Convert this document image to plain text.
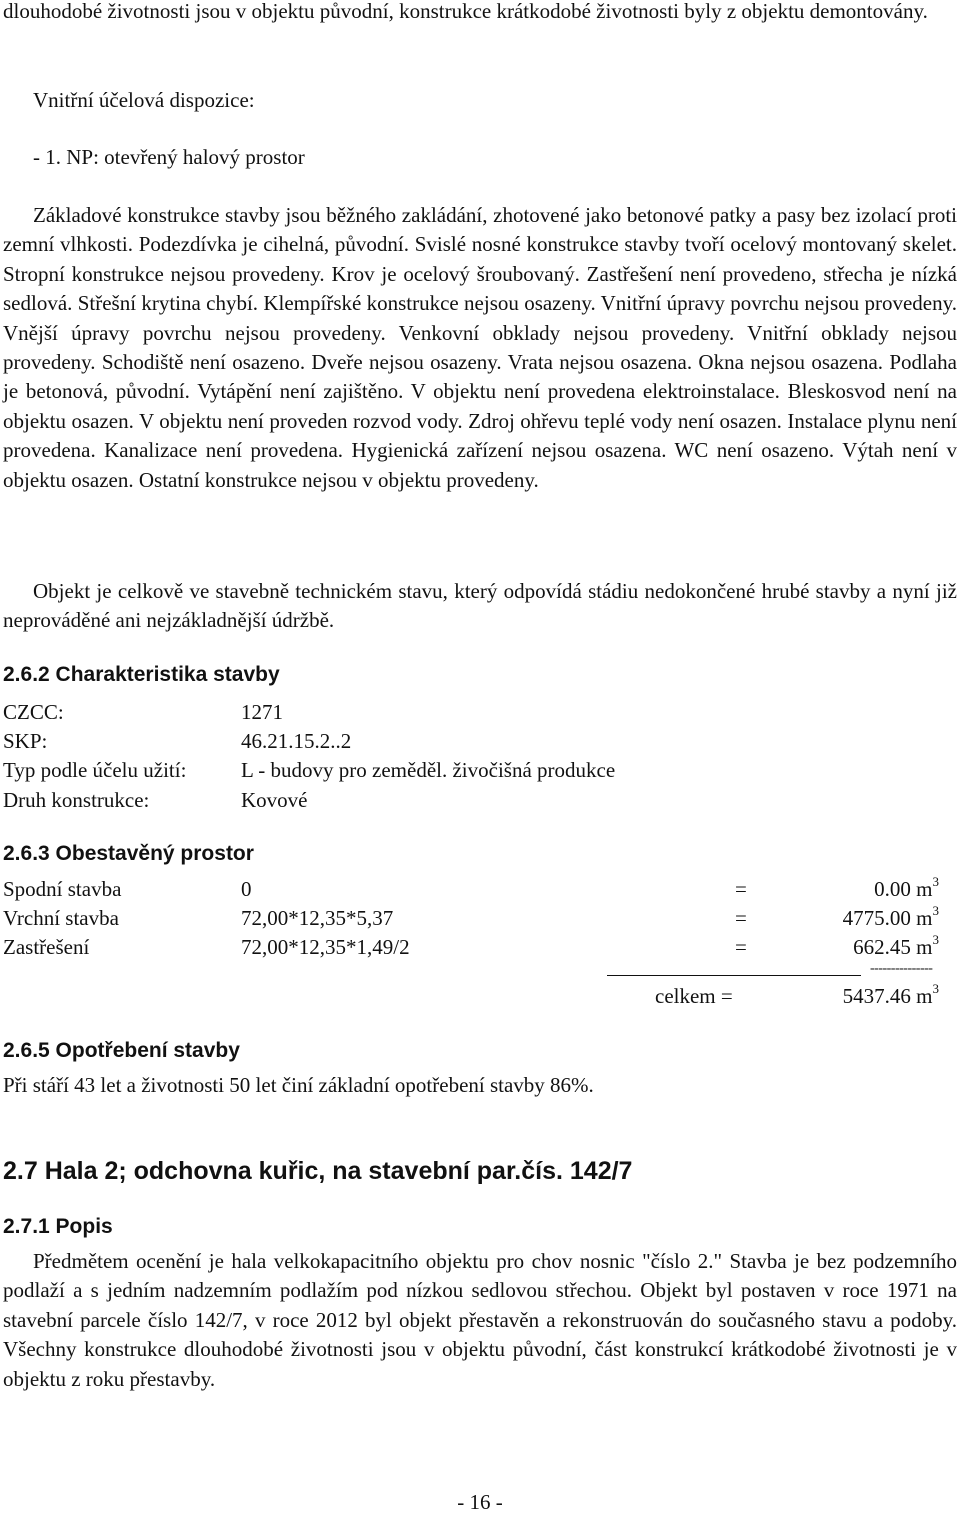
dlouhodobé životnosti jsou v objektu původní, konstrukce krátkodobé životnosti byly z objektu demontovány.

Vnitřní účelová dispozice:

- 1. NP: otevřený halový prostor

Základové konstrukce stavby jsou běžného zakládání, zhotovené jako betonové patky a pasy bez izolací proti zemní vlhkosti. Podezdívka je cihelná, původní. Svislé nosné konstrukce stavby tvoří ocelový montovaný skelet. Stropní konstrukce nejsou provedeny. Krov je ocelový šroubovaný. Zastřešení není provedeno, střecha je nízká sedlová. Střešní krytina chybí. Klempířské konstrukce nejsou osazeny. Vnitřní úpravy povrchu nejsou provedeny. Vnější úpravy povrchu nejsou provedeny. Venkovní obklady nejsou provedeny. Vnitřní obklady nejsou provedeny. Schodiště není osazeno. Dveře nejsou osazeny. Vrata nejsou osazena. Okna nejsou osazena. Podlaha je betonová, původní. Vytápění není zajištěno. V objektu není provedena elektroinstalace. Bleskosvod není na objektu osazen. V objektu není proveden rozvod vody. Zdroj ohřevu teplé vody není osazen. Instalace plynu není provedena. Kanalizace není provedena. Hygienická zařízení nejsou osazena. WC není osazeno. Výtah není v objektu osazen. Ostatní konstrukce nejsou v objektu provedeny.

Objekt je celkově ve stavebně technickém stavu, který odpovídá stádiu nedokončené hrubé stavby a nyní již neprováděné ani nejzákladnější údržbě.

2.6.2 Charakteristika stavby
CZCC:	1271
SKP:	46.21.15.2..2
Typ podle účelu užití:	L - budovy pro zeměděl. živočišná produkce
Druh konstrukce:	Kovové
2.6.3 Obestavěný prostor
Spodní stavba	0	=	0.00 $m^3$
Vrchní stavba	72,00*12,35*5,37	=	4775.00 $m^3$
Zastřešení	72,00*12,35*1,49/2	=	662.45 $m^3$
---------------
celkem =	5437.46 $m^3$
2.6.5 Opotřebení stavby

Při stáří 43 let a životnosti 50 let činí základní opotřebení stavby 86%.

2.7 Hala 2; odchovna kuřic, na stavební par.čís. 142/7
2.7.1 Popis

Předmětem ocenění je hala velkokapacitního objektu pro chov nosnic "číslo 2." Stavba je bez podzemního podlaží a s jedním nadzemním podlažím pod nízkou sedlovou střechou. Objekt byl postaven v roce 1971 na stavební parcele číslo 142/7, v roce 2012 byl objekt přestavěn a rekonstruován do současného stavu a podoby. Všechny konstrukce dlouhodobé životnosti jsou v objektu původní, část konstrukcí krátkodobé životnosti je v objektu z roku přestavby.

- 16 -
